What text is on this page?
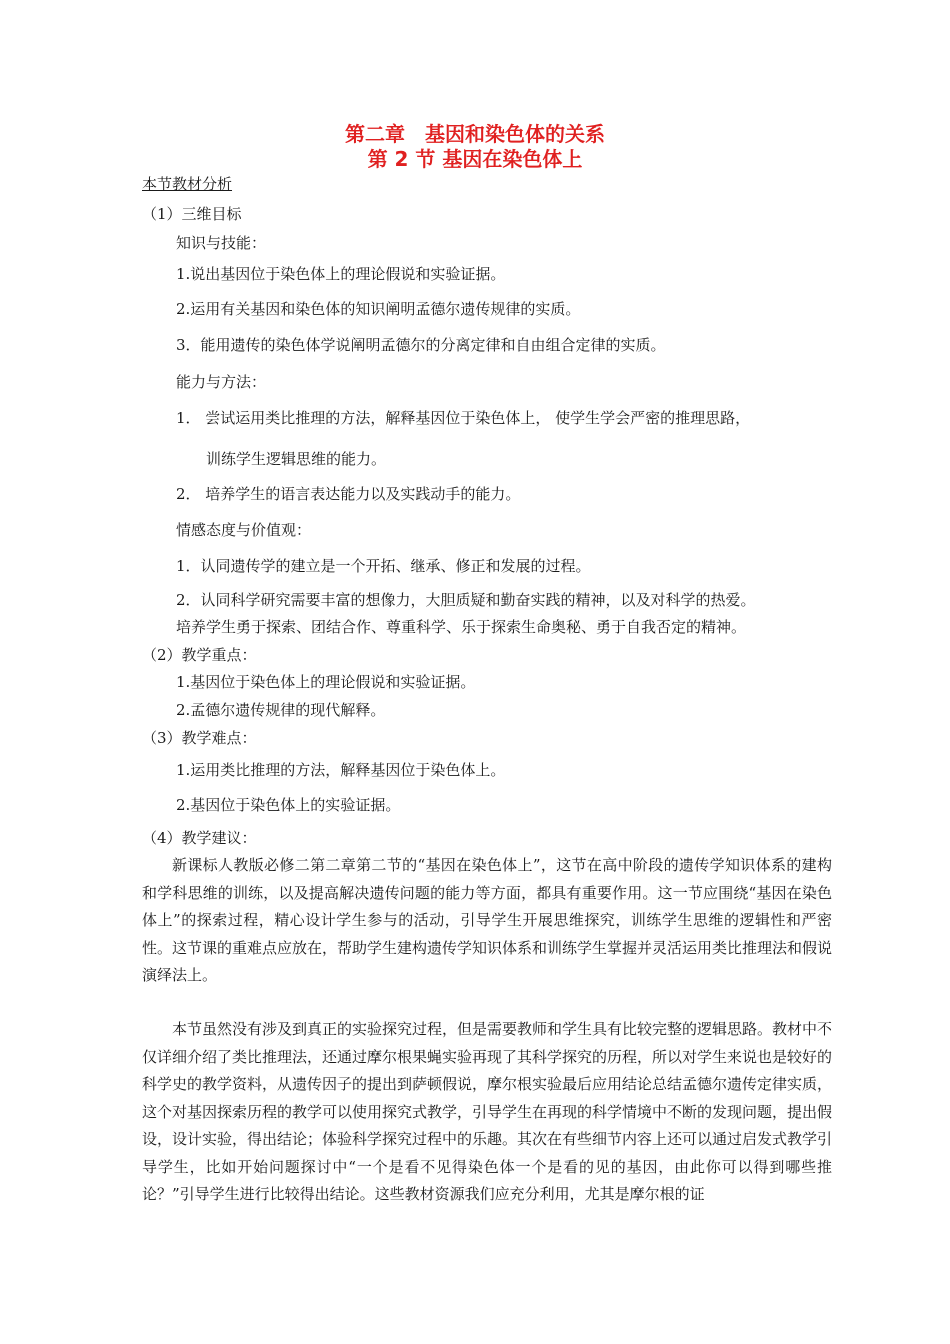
第二章　基因和染色体的关系
第 2 节 基因在染色体上

本节教材分析

（1）三维目标

知识与技能：

1.说出基因位于染色体上的理论假说和实验证据。

2.运用有关基因和染色体的知识阐明孟德尔遗传规律的实质。

3．能用遗传的染色体学说阐明孟德尔的分离定律和自由组合定律的实质。

能力与方法：

1． 尝试运用类比推理的方法，解释基因位于染色体上， 使学生学会严密的推理思路，

训练学生逻辑思维的能力。

2． 培养学生的语言表达能力以及实践动手的能力。

情感态度与价值观：

1．认同遗传学的建立是一个开拓、继承、修正和发展的过程。

2．认同科学研究需要丰富的想像力，大胆质疑和勤奋实践的精神，以及对科学的热爱。

培养学生勇于探索、团结合作、尊重科学、乐于探索生命奥秘、勇于自我否定的精神。

（2）教学重点：

1.基因位于染色体上的理论假说和实验证据。

2.孟德尔遗传规律的现代解释。

（3）教学难点：

1.运用类比推理的方法，解释基因位于染色体上。

2.基因位于染色体上的实验证据。

（4）教学建议：

新课标人教版必修二第二章第二节的“基因在染色体上”，这节在高中阶段的遗传学知识体系的建构和学科思维的训练，以及提高解决遗传问题的能力等方面，都具有重要作用。这一节应围绕“基因在染色体上”的探索过程，精心设计学生参与的活动，引导学生开展思维探究，训练学生思维的逻辑性和严密性。这节课的重难点应放在，帮助学生建构遗传学知识体系和训练学生掌握并灵活运用类比推理法和假说演绎法上。

本节虽然没有涉及到真正的实验探究过程，但是需要教师和学生具有比较完整的逻辑思路。教材中不仅详细介绍了类比推理法，还通过摩尔根果蝇实验再现了其科学探究的历程，所以对学生来说也是较好的科学史的教学资料，从遗传因子的提出到萨顿假说，摩尔根实验最后应用结论总结孟德尔遗传定律实质，这个对基因探索历程的教学可以使用探究式教学，引导学生在再现的科学情境中不断的发现问题，提出假设，设计实验，得出结论；体验科学探究过程中的乐趣。其次在有些细节内容上还可以通过启发式教学引导学生，比如开始问题探讨中“一个是看不见得染色体一个是看的见的基因，由此你可以得到哪些推论？”引导学生进行比较得出结论。这些教材资源我们应充分利用，尤其是摩尔根的证
